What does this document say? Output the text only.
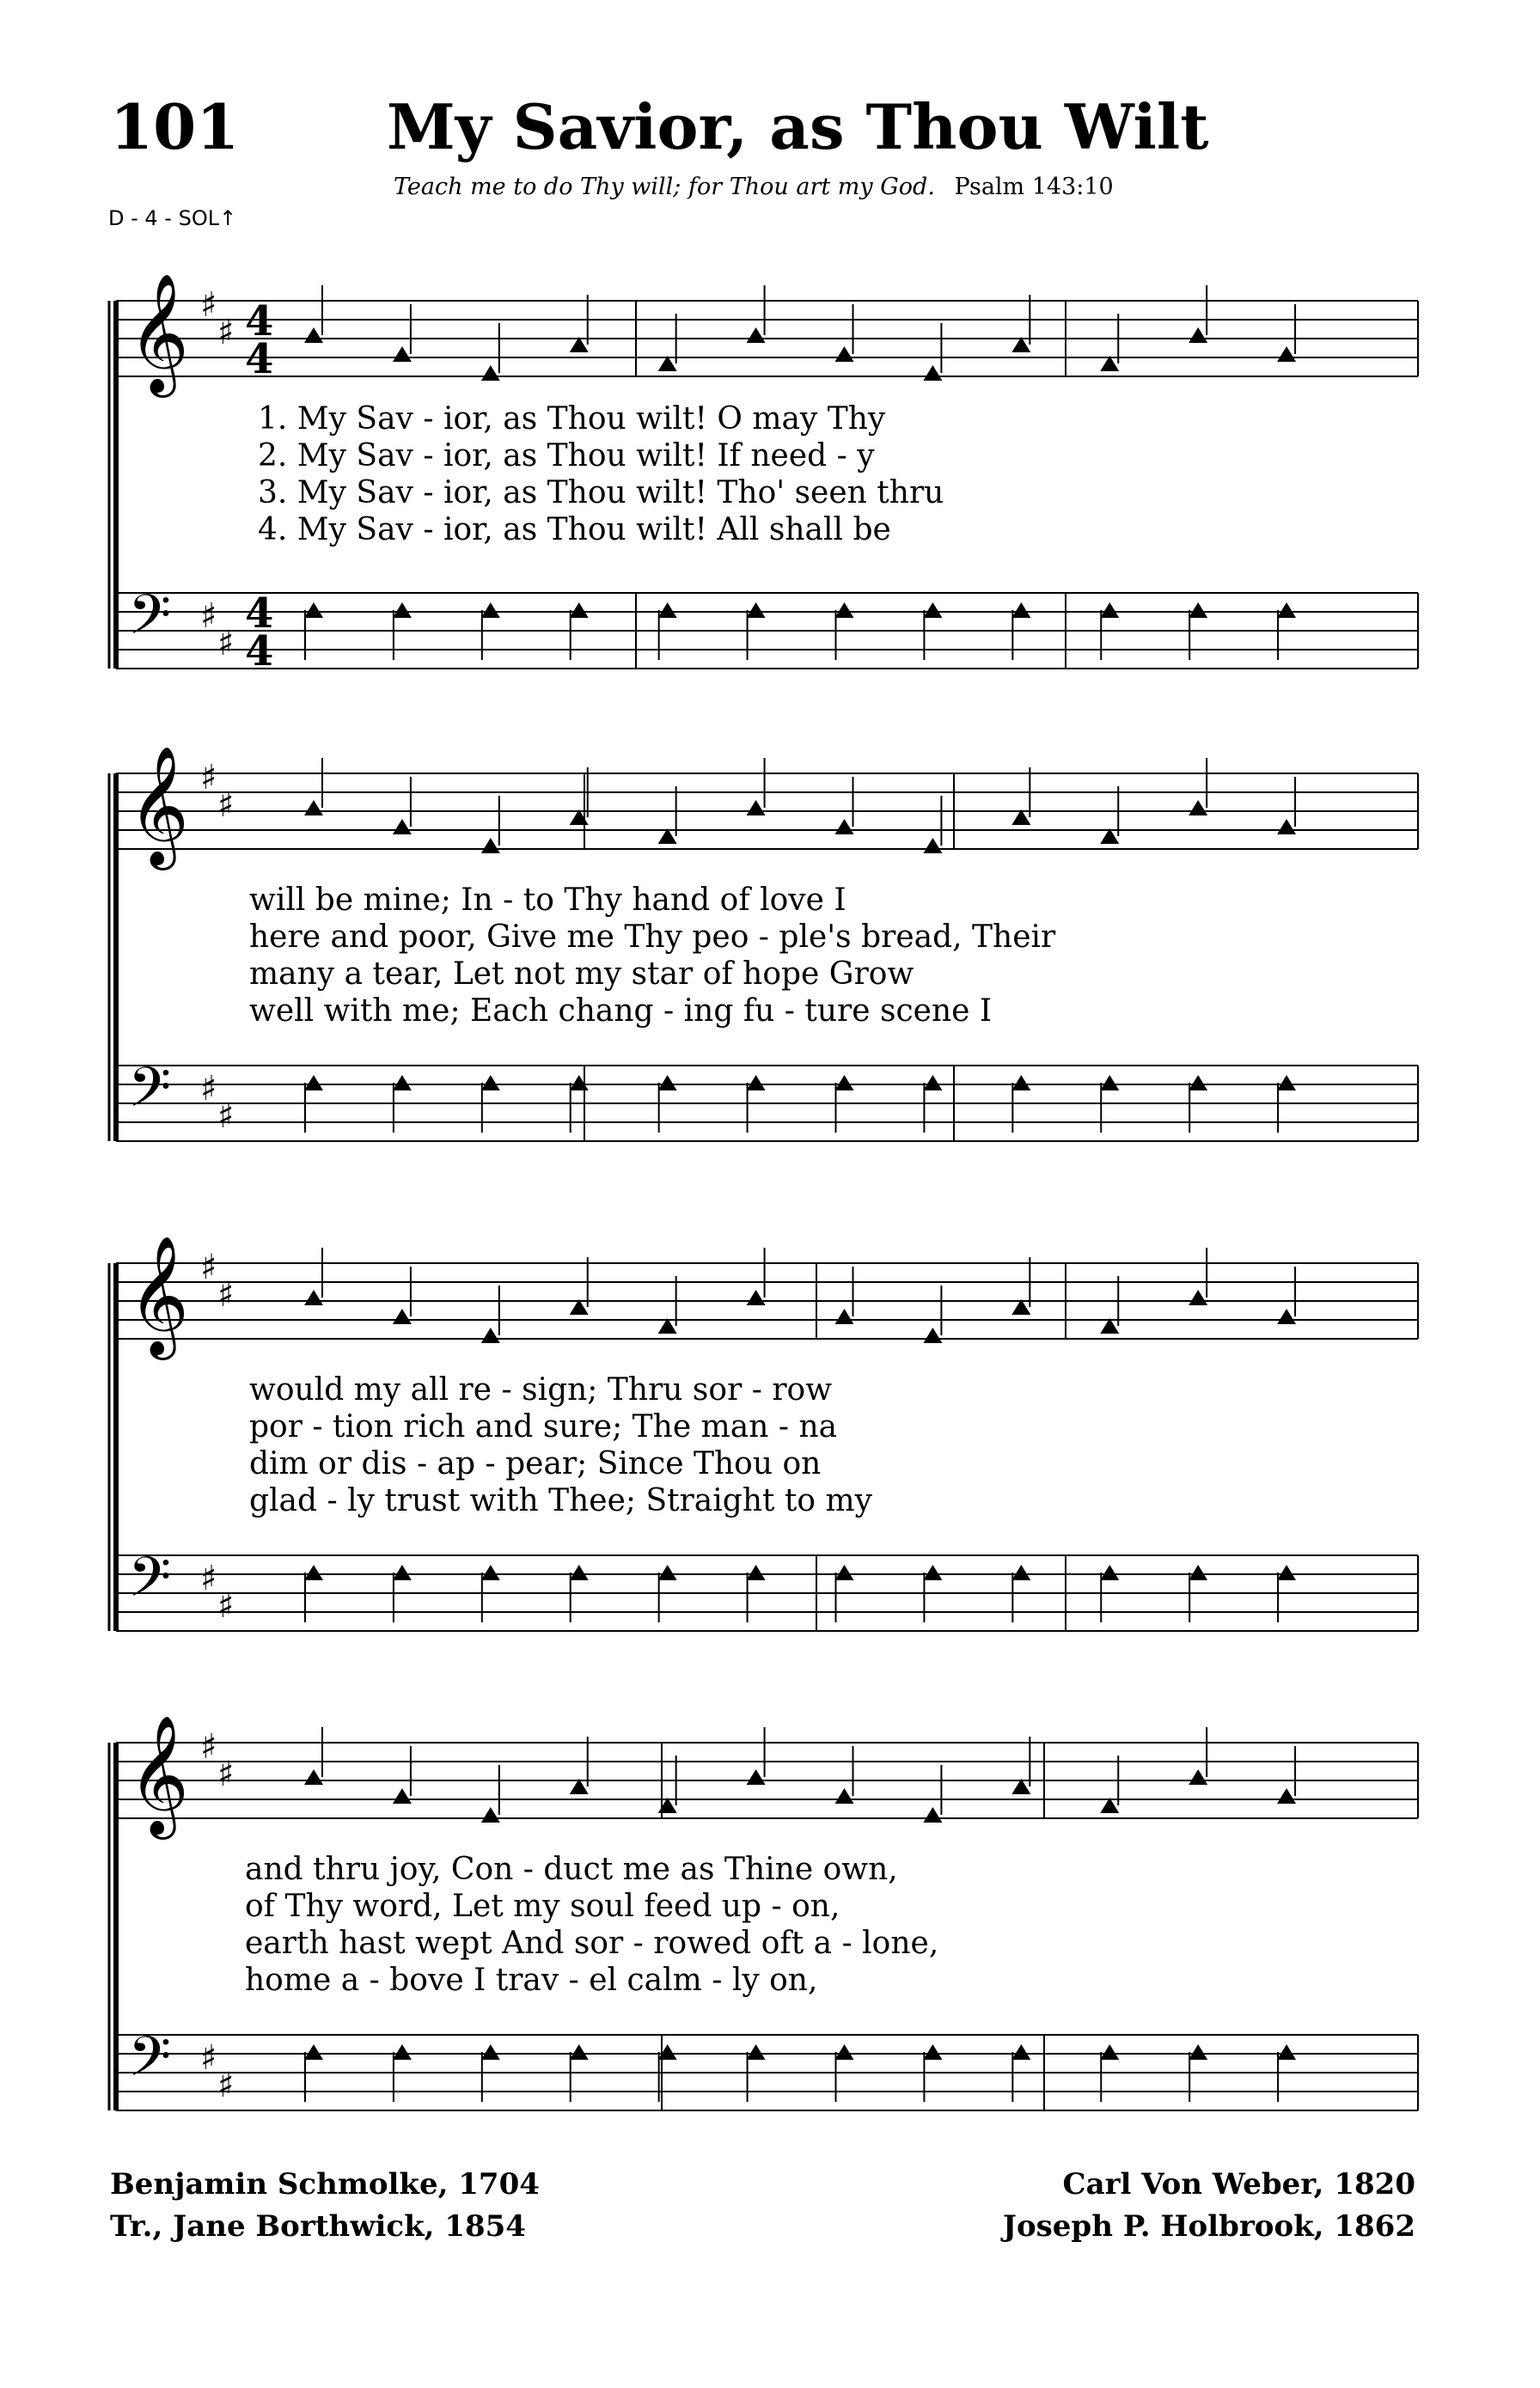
101 My Savior, as Thou Wilt
Teach me to do Thy will; for Thou art my God. Psalm 143:10
D - 4 - SOL↑
𝄞 ♯
♯ 4
4
𝄢 ♯
♯
4
4
1. My Sav - ior, as Thou wilt! O may Thy
2. My Sav - ior, as Thou wilt! If need - y
3. My Sav - ior, as Thou wilt! Tho' seen thru
4. My Sav - ior, as Thou wilt! All shall be
𝄞 ♯
♯
𝄢 ♯
♯
will be mine; In - to Thy hand of love I
here and poor, Give me Thy peo - ple's bread, Their
many a tear, Let not my star of hope Grow
well with me; Each chang - ing fu - ture scene I
𝄞 ♯
♯
𝄢 ♯
♯
would my all re - sign; Thru sor - row
por - tion rich and sure; The man - na
dim or dis - ap - pear; Since Thou on
glad - ly trust with Thee; Straight to my
𝄞 ♯
♯
𝄢 ♯
♯
and thru joy, Con - duct me as Thine own,
of Thy word, Let my soul feed up - on,
earth hast wept And sor - rowed oft a - lone,
home a - bove I trav - el calm - ly on,
Benjamin Schmolke, 1704
Tr., Jane Borthwick, 1854
Carl Von Weber, 1820
Joseph P. Holbrook, 1862
